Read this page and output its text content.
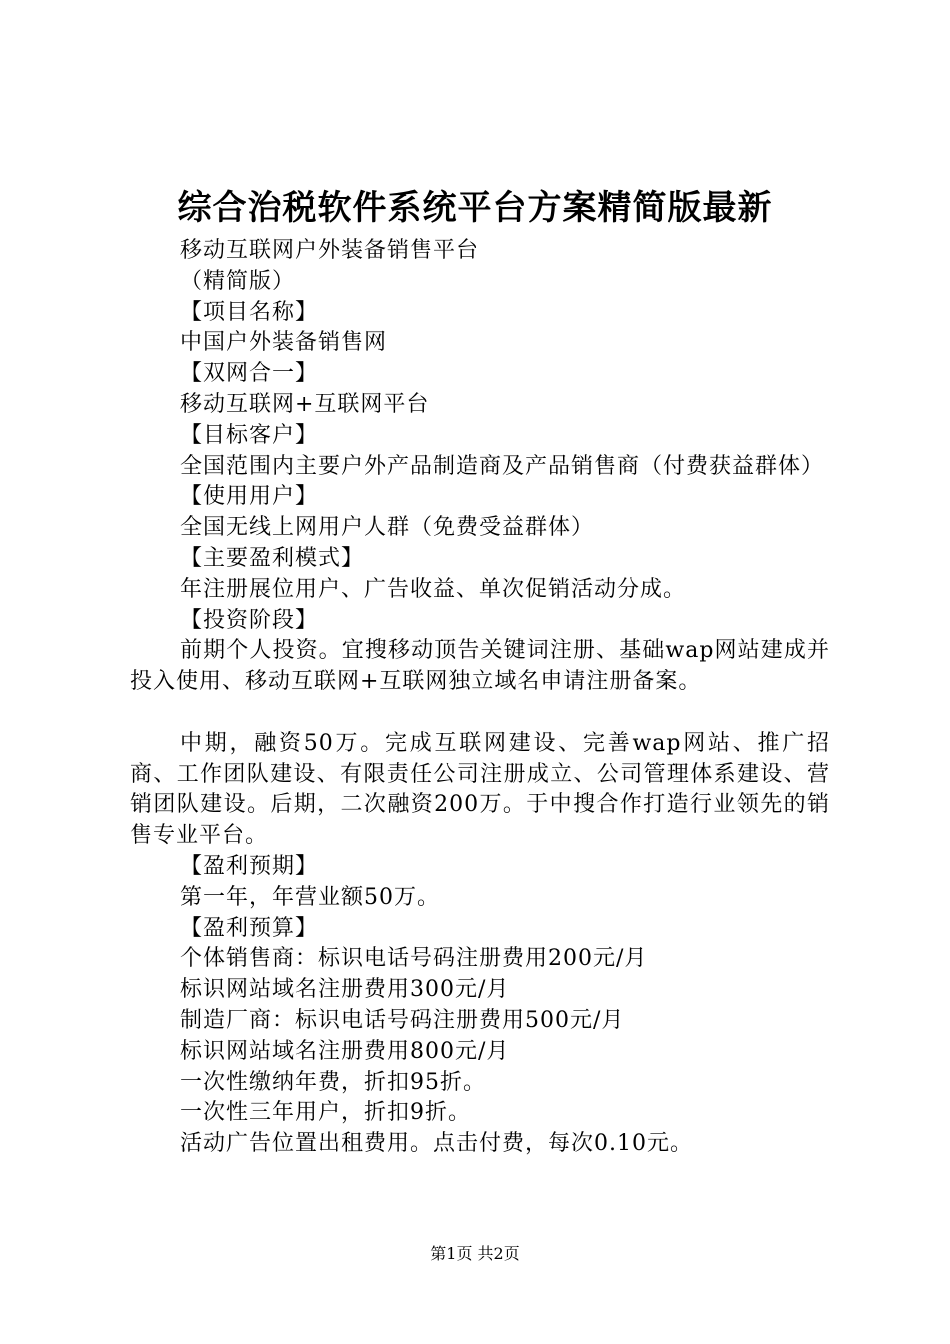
综合治税软件系统平台方案精简版最新

移动互联网户外装备销售平台

（精简版）

【项目名称】

中国户外装备销售网

【双网合一】

移动互联网+互联网平台

【目标客户】

全国范围内主要户外产品制造商及产品销售商（付费获益群体）

【使用用户】

全国无线上网用户人群（免费受益群体）

【主要盈利模式】

年注册展位用户、广告收益、单次促销活动分成。

【投资阶段】

前期个人投资。宜搜移动顶告关键词注册、基础wap网站建成并投入使用、移动互联网+互联网独立域名申请注册备案。

中期，融资50万。完成互联网建设、完善wap网站、推广招商、工作团队建设、有限责任公司注册成立、公司管理体系建设、营销团队建设。后期，二次融资200万。于中搜合作打造行业领先的销售专业平台。

【盈利预期】

第一年，年营业额50万。

【盈利预算】

个体销售商：标识电话号码注册费用200元/月

标识网站域名注册费用300元/月

制造厂商：标识电话号码注册费用500元/月

标识网站域名注册费用800元/月

一次性缴纳年费，折扣95折。

一次性三年用户，折扣9折。

活动广告位置出租费用。点击付费，每次0.10元。

第1页 共2页
